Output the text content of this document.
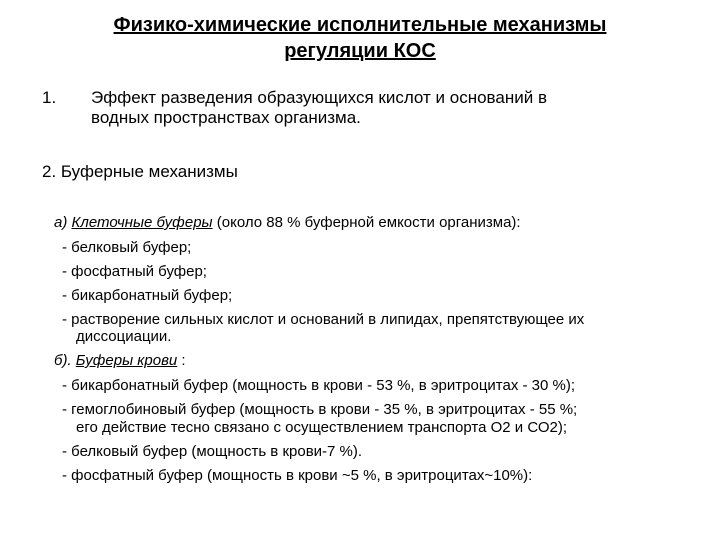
Физико-химические исполнительные механизмы
регуляции КОС
1. Эффект разведения образующихся кислот и оснований в
водных пространствах организма.
2. Буферные механизмы
а) Клеточные буферы (около 88 % буферной емкости организма):
- белковый буфер;
- фосфатный буфер;
- бикарбонатный буфер;
- растворение сильных кислот и оснований в липидах, препятствующее их
диссоциации.
б). Буферы крови :
- бикарбонатный буфер (мощность в крови - 53 %, в эритроцитах - 30 %);
- гемоглобиновый буфер (мощность в крови - 35 %, в эритроцитах - 55 %;
его действие тесно связано с осуществлением транспорта О2 и СО2);
- белковый буфер (мощность в крови-7 %).
- фосфатный буфер (мощность в крови ~5 %, в эритроцитах~10%):
